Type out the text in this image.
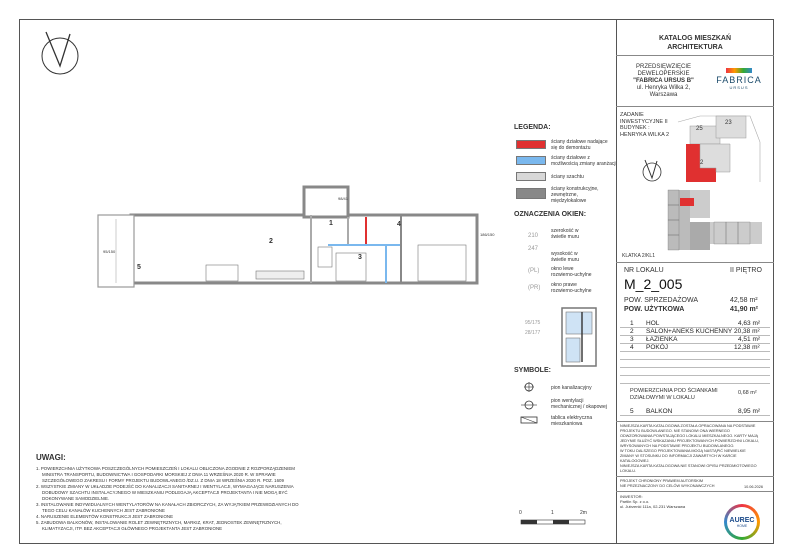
1
2
3
4
5
95/150
186/150
98/41
LEGENDA:
ściany działowe nadające
się do demontażu
ściany działowe z
możliwością zmiany aranżacji
ściany szachtu
ściany konstrukcyjne,
zewnętrzne,
międzylokalowe
OZNACZENIA OKIEN:
210
szerokość w
świetle muru
247
wysokość w
świetle muru
(PL) okno lewe
rozwierno-uchylne
(PR) okno prawe
rozwierno-uchylne
95/175
28/177
SYMBOLE:
pion kanalizacyjny
pion wentylacji
mechanicznej / okapowej
tablica elektryczna
mieszkaniowa
UWAGI:
1. POWIERZCHNIA UŻYTKOWA POSZCZEGÓLNYCH POMIESZCZEŃ I LOKALU OBLICZONA ZGODNIE Z ROZPORZĄDZENIEM
MINISTRA TRANSPORTU, BUDOWNICTWA I GOSPODARKI MORSKIEJ Z DNIA 11 WRZEŚNIA 2020 R. W SPRAWIE
SZCZEGÓŁOWEGO ZAKRESU I FORMY PROJEKTU BUDOWLANEGO /DZ.U. Z DNIA 18 WRZEŚNIA 2020 R. POZ. 1609
2. WSZYSTKIE ZMIANY W UKŁADZIE PODEJŚĆ DO KANALIZACJI SANITARNEJ I WENTYLACJI, WYMAGAJĄCE NARUSZENIA
DOBUDOWY SZACHTU INSTALACYJNEGO W MIESZKANIU PODLEGAJĄ AKCEPTACJI PROJEKTANTA I NIE MOGĄ BYĆ
DOKONYWANE SAMODZIELNIE.
3. INSTALOWANIE INDYWIDUALNYCH WENTYLATORÓW NA KANAŁACH ZBIORCZYCH, ZA WYJĄTKIEM PRZEWIDZIANYCH DO
TEGO CELU KANAŁÓW KUCHENNYCH JEST ZABRONIONE
4. NARUSZENIE ELEMENTÓW KONSTRUKCJI JEST ZABRONIONE
5. ZABUDOWA BALKONÓW, INSTALOWANIE ROLET ZEWNĘTRZNYCH, MARKIZ, KRAT, JEDNOSTEK ZEWNĘTRZNYCH,
KLIMATYZACJI, ITP. BEZ AKCEPTACJI GŁÓWNEGO PROJEKTANTA JEST ZABRONIONE
0	1	2m
KATALOG MIESZKAŃ
ARCHITEKTURA
PRZEDSIĘWZIĘCIE
DEWELOPERSKIE
"FABRICA URSUS B"
ul. Henryka Wilka 2,
Warszawa
FABRICA
URSUS
ZADANIE
INWESTYCYJNE II
BUDYNEK :
HENRYKA WILKA 2
23
25
2
KLATKA 2/KL1
NR LOKALU	II PIĘTRO
M_2_005
POW. SPRZEDAŻOWA	42,58 m²
POW. UŻYTKOWA	41,90 m²
1 HOL	4,63 m²
2 SALON+ANEKS KUCHENNY 20,38 m²
3 ŁAZIENKA	4,51 m²
4 POKÓJ	12,38 m²
POWIERZCHNIA POD ŚCIANKAMI
DZIAŁOWYMI W LOKALU
0,68 m²
5 BALKON	8,95 m²
NINIEJSZA KARTA KATALOGOWA ZOSTAŁA OPRACOWANA NA PODSTAWIE
PROJEKTU BUDOWLANEGO. NIE STANOWI ONA WIERNEGO
ODWZOROWANIA POWSTAJĄCEGO LOKALU MIESZKALNEGO. KARTY MAJĄ
JEDYNIE SŁUŻYĆ WSKAZANIU PROJEKTOWANYCH POWIERZCHNI LOKALU,
WRYSOWANYCH NA PODSTAWIE PROJEKTU BUDOWLANEGO.
W TOKU DALSZEGO PROJEKTOWANIA MOGĄ NASTĄPIĆ NIEWIELKIE
ZMIANY W STOSUNKU DO INFORMACJI ZAWARTYCH W KARCIE
KATALOGOWEJ.
NINIEJSZA KARTA KATALOGOWA NIE STANOWI OPISU PRZEDMIOTOWEGO
LOKALU.
PROJEKT CHRONIONY PRAWEM AUTORSKIM
NIE PRZEZNACZONY DO CELÓW WYKONAWCZYCH	10.06.2026
INWESTOR:
Partlin Sp. z o.o.
ul. Jutrzenki 111a, 02-231 Warszawa
AUREC
HOME
